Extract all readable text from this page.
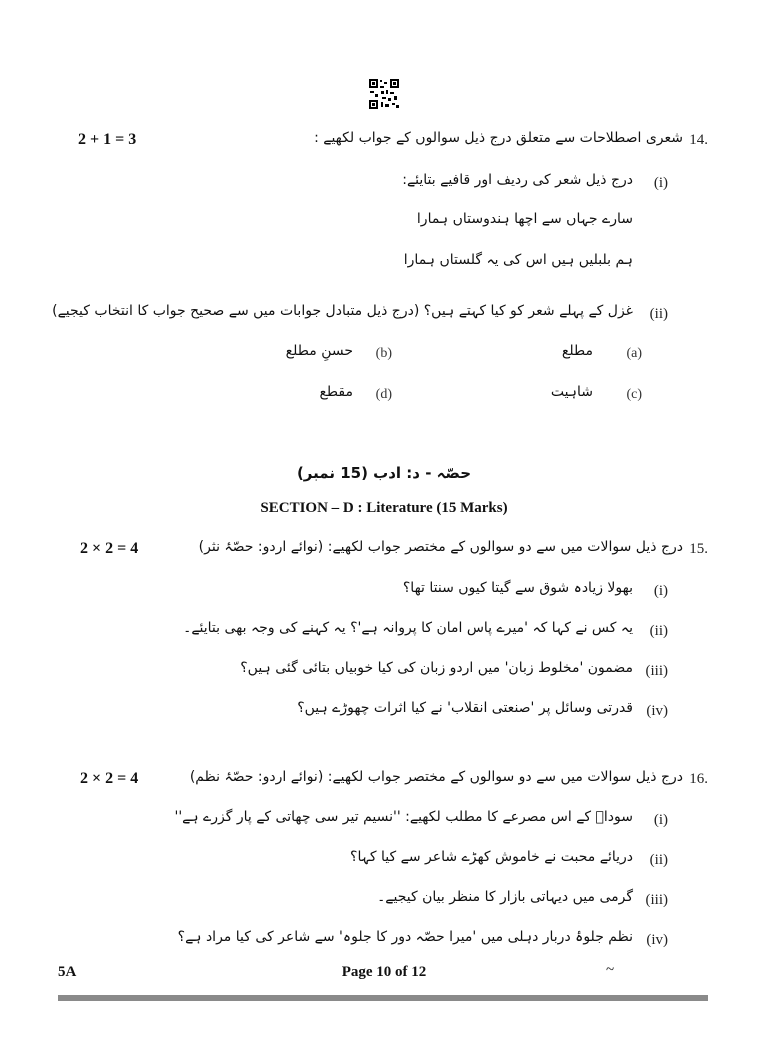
14.
2 + 1 = 3	شعری اصطلاحات سے متعلق درج ذیل سوالوں کے جواب لکھیے :
(i)
درج ذیل شعر کی ردیف اور قافیے بتایئے:
سارے جہاں سے اچھا ہندوستاں ہمارا
ہم بلبلیں ہیں اس کی یہ گلستاں ہمارا
(ii)
غزل کے پہلے شعر کو کیا کہتے ہیں؟ (درج ذیل متبادل جوابات میں سے صحیح جواب کا انتخاب کیجیے)
(a)
مطلع
(b)
حسنِ مطلع
(c)
شاہیت
(d)
مقطع
حصّہ - د: ادب (15 نمبر)
SECTION – D : Literature (15 Marks)
15.
2 × 2 = 4	درج ذیل سوالات میں سے دو سوالوں کے مختصر جواب لکھیے: (نوائے اردو: حصّۂ نثر)
(i)
بھولا زیادہ شوق سے گیتا کیوں سنتا تھا؟
(ii)
یہ کس نے کہا کہ 'میرے پاس امان کا پروانہ ہے'؟ یہ کہنے کی وجہ بھی بتایئے۔
(iii)
مضمون 'مخلوط زبان' میں اردو زبان کی کیا خوبیاں بتائی گئی ہیں؟
(iv)
قدرتی وسائل پر 'صنعتی انقلاب' نے کیا اثرات چھوڑے ہیں؟
16.
2 × 2 = 4	درج ذیل سوالات میں سے دو سوالوں کے مختصر جواب لکھیے: (نوائے اردو: حصّۂ نظم)
(i)
سوداؔ کے اس مصرعے کا مطلب لکھیے: ''نسیم تیر سی چھاتی کے پار گزرے ہے''
(ii)
دریائے محبت نے خاموش کھڑے شاعر سے کیا کہا؟
(iii)
گرمی میں دیہاتی بازار کا منظر بیان کیجیے۔
(iv)
نظم جلوۂ دربار دہلی میں 'میرا حصّہ دور کا جلوہ' سے شاعر کی کیا مراد ہے؟
5A	Page 10 of 12	~
